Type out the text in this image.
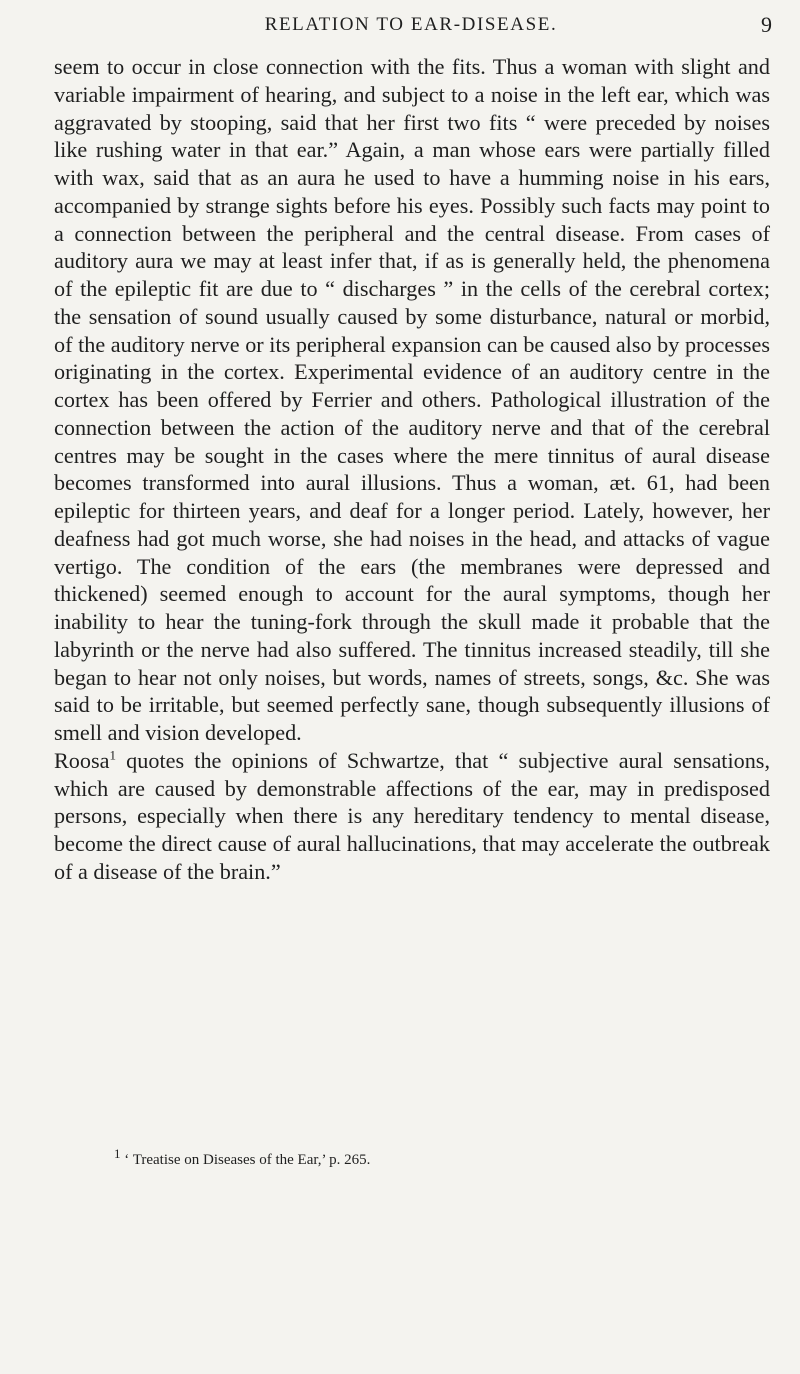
RELATION TO EAR-DISEASE.	9

seem to occur in close connection with the fits. Thus a woman with slight and variable impairment of hearing, and subject to a noise in the left ear, which was aggravated by stooping, said that her first two fits “ were preceded by noises like rushing water in that ear.” Again, a man whose ears were partially filled with wax, said that as an aura he used to have a humming noise in his ears, accompanied by strange sights before his eyes. Possibly such facts may point to a connection between the peripheral and the central disease. From cases of auditory aura we may at least infer that, if as is generally held, the phenomena of the epileptic fit are due to “ discharges ” in the cells of the cerebral cortex; the sensation of sound usually caused by some disturbance, natural or morbid, of the auditory nerve or its peripheral expansion can be caused also by processes originating in the cortex. Experimental evidence of an auditory centre in the cortex has been offered by Ferrier and others. Pathological illustration of the connection between the action of the auditory nerve and that of the cerebral centres may be sought in the cases where the mere tinnitus of aural disease becomes transformed into aural illusions. Thus a woman, æt. 61, had been epileptic for thirteen years, and deaf for a longer period. Lately, however, her deafness had got much worse, she had noises in the head, and attacks of vague vertigo. The condition of the ears (the membranes were depressed and thickened) seemed enough to account for the aural symptoms, though her inability to hear the tuning-fork through the skull made it probable that the labyrinth or the nerve had also suffered. The tinnitus increased steadily, till she began to hear not only noises, but words, names of streets, songs, &c. She was said to be irritable, but seemed perfectly sane, though subsequently illusions of smell and vision developed.

Roosa$^1$ quotes the opinions of Schwartze, that “ subjective aural sensations, which are caused by demonstrable affections of the ear, may in predisposed persons, especially when there is any hereditary tendency to mental disease, become the direct cause of aural hallucinations, that may accelerate the outbreak of a disease of the brain.”

$^1$ ‘ Treatise on Diseases of the Ear,’ p. 265.
